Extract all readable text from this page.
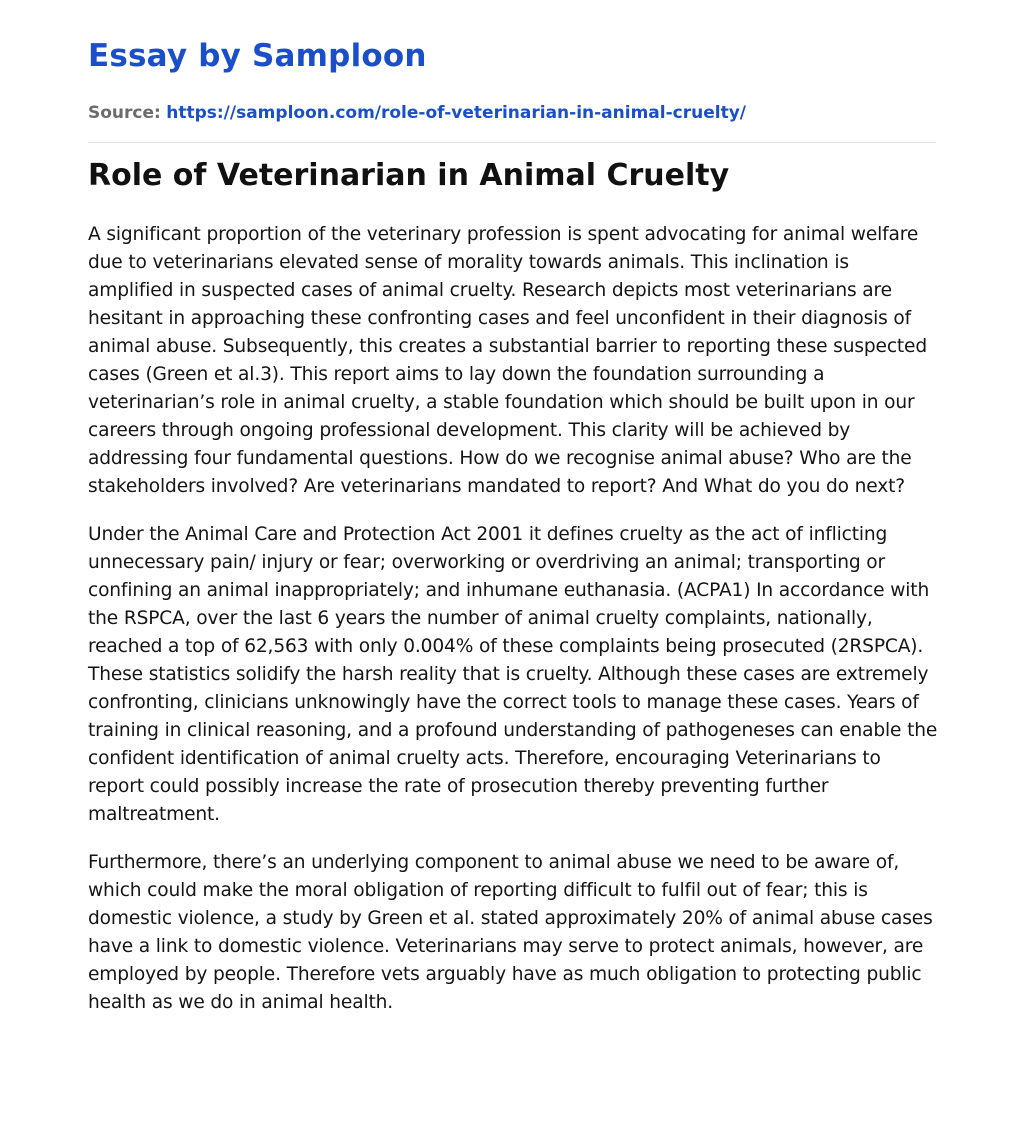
Essay by Samploon
Source: https://samploon.com/role-of-veterinarian-in-animal-cruelty/
Role of Veterinarian in Animal Cruelty

A significant proportion of the veterinary profession is spent advocating for animal welfare due to veterinarians elevated sense of morality towards animals. This inclination is amplified in suspected cases of animal cruelty. Research depicts most veterinarians are hesitant in approaching these confronting cases and feel unconfident in their diagnosis of animal abuse. Subsequently, this creates a substantial barrier to reporting these suspected cases (Green et al.3). This report aims to lay down the foundation surrounding a veterinarian’s role in animal cruelty, a stable foundation which should be built upon in our careers through ongoing professional development. This clarity will be achieved by addressing four fundamental questions. How do we recognise animal abuse? Who are the stakeholders involved? Are veterinarians mandated to report? And What do you do next?

Under the Animal Care and Protection Act 2001 it defines cruelty as the act of inflicting unnecessary pain/ injury or fear; overworking or overdriving an animal; transporting or confining an animal inappropriately; and inhumane euthanasia. (ACPA1) In accordance with the RSPCA, over the last 6 years the number of animal cruelty complaints, nationally, reached a top of 62,563 with only 0.004% of these complaints being prosecuted (2RSPCA). These statistics solidify the harsh reality that is cruelty. Although these cases are extremely confronting, clinicians unknowingly have the correct tools to manage these cases. Years of training in clinical reasoning, and a profound understanding of pathogeneses can enable the confident identification of animal cruelty acts. Therefore, encouraging Veterinarians to report could possibly increase the rate of prosecution thereby preventing further maltreatment.

Furthermore, there’s an underlying component to animal abuse we need to be aware of, which could make the moral obligation of reporting difficult to fulfil out of fear; this is domestic violence, a study by Green et al. stated approximately 20% of animal abuse cases have a link to domestic violence. Veterinarians may serve to protect animals, however, are employed by people. Therefore vets arguably have as much obligation to protecting public health as we do in animal health.
